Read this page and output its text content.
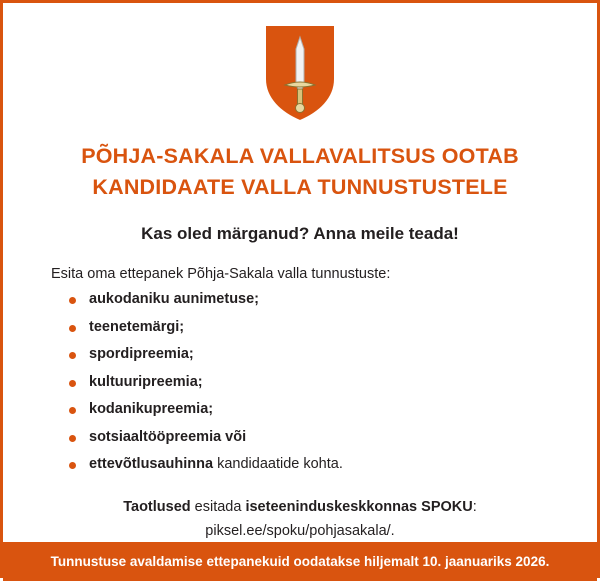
PÕHJA-SAKALA VALLAVALITSUS OOTAB
KANDIDAATE VALLA TUNNUSTUSTELE

Kas oled märganud? Anna meile teada!

Esita oma ettepanek Põhja-Sakala valla tunnustuste:

aukodaniku aunimetuse;
teenetemärgi;
spordipreemia;
kultuuripreemia;
kodanikupreemia;
sotsiaaltööpreemia või
ettevõtlusauhinna kandidaatide kohta.

Taotlused esitada iseteeninduskeskkonnas SPOKU:
piksel.ee/spoku/pohjasakala/.

Tunnustuse avaldamise ettepanekuid oodatakse hiljemalt 10. jaanuariks 2026.
